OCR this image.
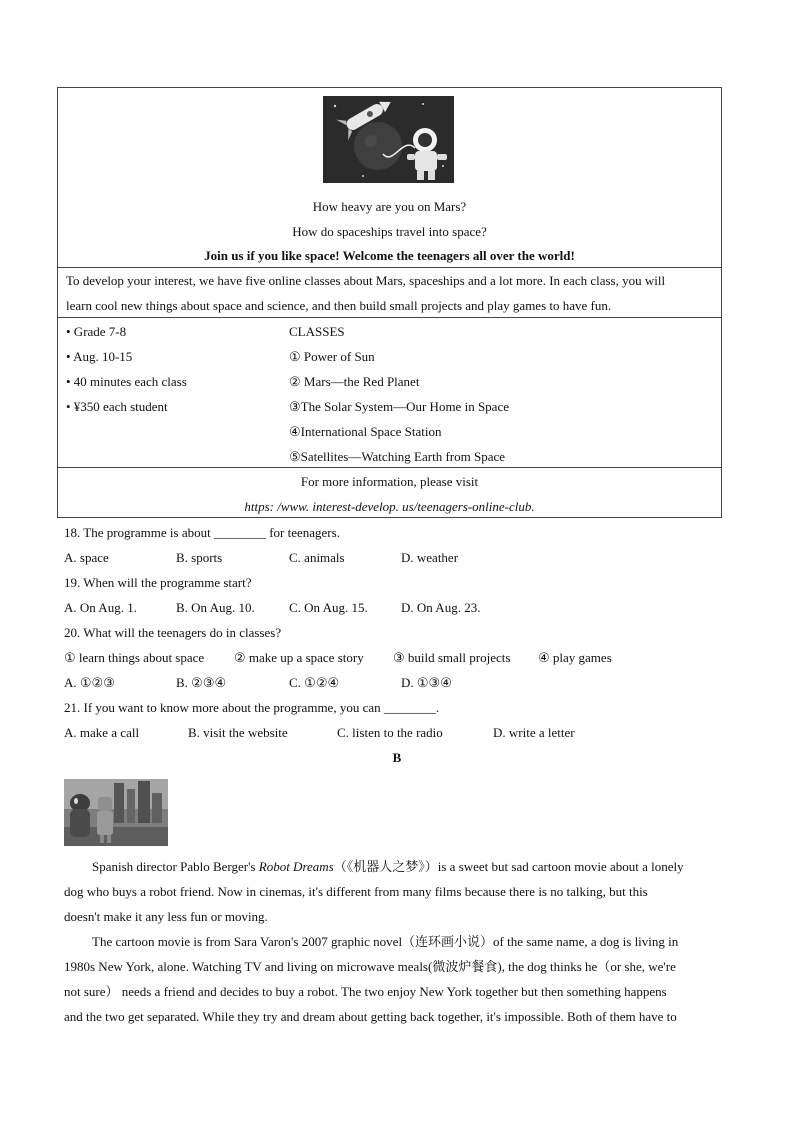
How heavy are you on Mars?
How do spaceships travel into space?
Join us if you like space! Welcome the teenagers all over the world!
To develop your interest, we have five online classes about Mars, spaceships and a lot more. In each class, you will
learn cool new things about space and science, and then build small projects and play games to have fun.
• Grade 7-8
• Aug. 10-15
• 40 minutes each class
• ¥350 each student
CLASSES
① Power of Sun
② Mars—the Red Planet
③The Solar System—Our Home in Space
④International Space Station
⑤Satellites—Watching Earth from Space
For more information, please visit
https: /www. interest-develop. us/teenagers-online-club.
18. The programme is about ________ for teenagers.
A. space	B. sports	C. animals	D. weather
19. When will the programme start?
A. On Aug. 1.	B. On Aug. 10.	C. On Aug. 15.	D. On Aug. 23.
20. What will the teenagers do in classes?
① learn things about space ② make up a space story ③ build small projects ④ play games
A. ①②③	B. ②③④	C. ①②④	D. ①③④
21. If you want to know more about the programme, you can ________.
A. make a call	B. visit the website	C. listen to the radio	D. write a letter
B
Spanish director Pablo Berger's Robot Dreams（《机器人之梦》）is a sweet but sad cartoon movie about a lonely
dog who buys a robot friend. Now in cinemas, it's different from many films because there is no talking, but this
doesn't make it any less fun or moving.
The cartoon movie is from Sara Varon's 2007 graphic novel（连环画小说）of the same name, a dog is living in
1980s New York, alone. Watching TV and living on microwave meals(微波炉餐食), the dog thinks he（or she, we're
not sure） needs a friend and decides to buy a robot. The two enjoy New York together but then something happens
and the two get separated. While they try and dream about getting back together, it's impossible. Both of them have to
